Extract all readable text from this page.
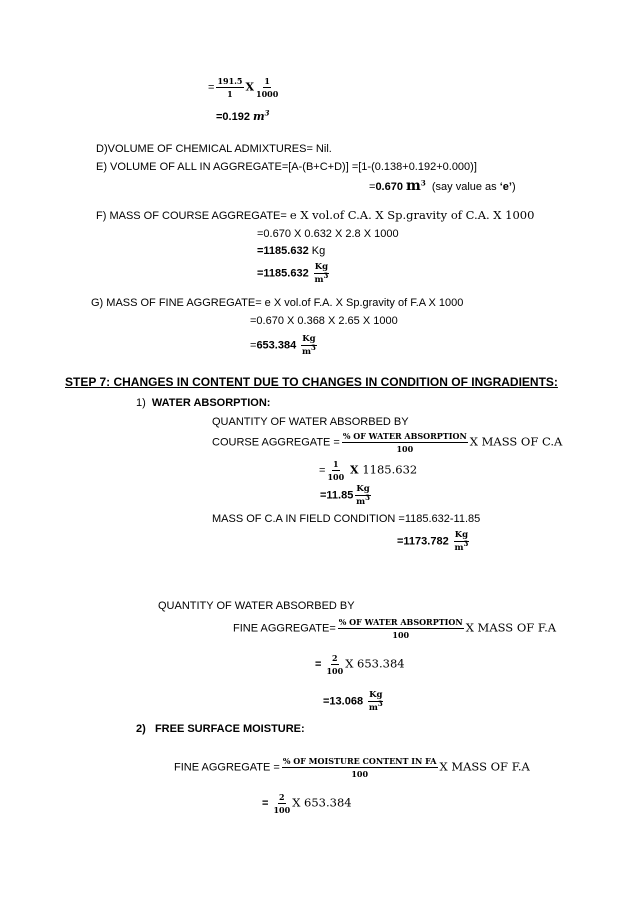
= $\frac{191.5}{1}$ X $\frac{1}{1000}$
=0.192 $m^3$
D)VOLUME OF CHEMICAL ADMIXTURES= Nil.
E) VOLUME OF ALL IN AGGREGATE=[A-(B+C+D)] =[1-(0.138+0.192+0.000)]
=0.670 $m^3$ (say value as ‘e’)
F) MASS OF COURSE AGGREGATE= e X vol.of C.A. X Sp.gravity of C.A. X 1000
=0.670 X 0.632 X 2.8 X 1000
=1185.632 Kg
$=1185.632 \frac{Kg}{m^3}$
G) MASS OF FINE AGGREGATE= e X vol.of F.A. X Sp.gravity of F.A X 1000
=0.670 X 0.368 X 2.65 X 1000
$=653.384 \frac{Kg}{m^3}$
STEP 7: CHANGES IN CONTENT DUE TO CHANGES IN CONDITION OF INGRADIENTS:
1) WATER ABSORPTION:
QUANTITY OF WATER ABSORBED BY
COURSE AGGREGATE = $\frac{\text{\% OF WATER ABSORPTION}}{100}$ X MASS OF C.A
= $\frac{1}{100}$ X 1185.632
$=11.85 \frac{Kg}{m^3}$
MASS OF C.A IN FIELD CONDITION =1185.632-11.85
$=1173.782 \frac{Kg}{m^3}$
QUANTITY OF WATER ABSORBED BY
FINE AGGREGATE= $\frac{\text{\% OF WATER ABSORPTION}}{100}$ X MASS OF F.A
= $\frac{2}{100}$ X 653.384
$=13.068 \frac{Kg}{m^3}$
2) FREE SURFACE MOISTURE:
FINE AGGREGATE = $\frac{\text{\% OF MOISTURE CONTENT IN FA}}{100}$ X MASS OF F.A
= $\frac{2}{100}$ X 653.384
